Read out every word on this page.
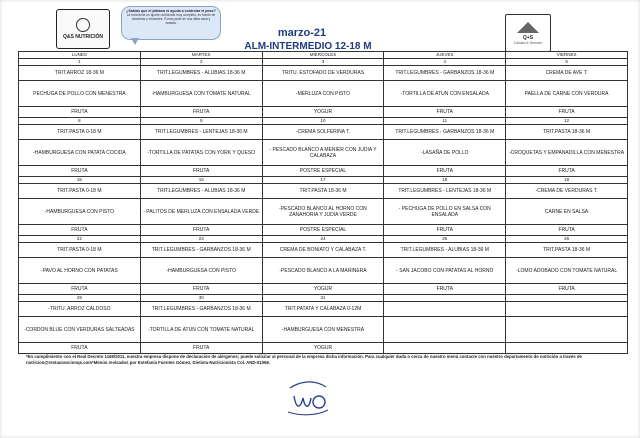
Q&S NUTRICIÓN
¿Sabías que el plátano ni ayuda a controlar el peso?
La fruta tiene un aporte nutricional muy completo, es fuente de vitaminas y minerales. Forma parte de una dieta sana y variada.
marzo-21
ALM-INTERMEDIO 12-18 M
Q+S
Calidad & Servicio
LUNES	MARTES	MIERCOLES	JUEVES	VIERNES
1	2	3	4	5
TRIT.ARROZ 18-36 M	TRIT.LEGUMBRES - ALUBIAS 18-36 M	TRITU. ESTOFADO DE VERDURAS	TRIT.LEGUMBRES - GARBANZOS 18-36 M	CREMA DE AVE T.
PECHUGA DE POLLO CON MENESTRA	-HAMBURGUESA CON TOMATE NATURAL	-MERLUZA CON PISTO	-TORTILLA DE ATUN CON ENSALADA	PAELLA DE CARNE CON VERDURA
FRUTA	FRUTA	YOGUR	FRUTA	FRUTA
8	9	10	11	12
TRIT.PASTA 0-18 M	TRIT.LEGUMBRES - LENTEJAS 18-36 M	-CREMA SOLFERINA T.	TRIT.LEGUMBRES - GARBANZOS 18-36 M	TRIT.PASTA 18-36 M
-HAMBURGUESA CON PATATA COCIDA	-TORTILLA DE PATATAS CON YORK Y QUESO	- PESCADO BLANCO A MENIER CON JUDIA Y CALABAZA	-LASAÑA DE POLLO	-CROQUETAS Y EMPANADILLA CON MENESTRA
FRUTA	FRUTA	POSTRE ESPECIAL	FRUTA	FRUTA
15	16	17	18	19
TRIT.PASTA 0-18 M	TRIT.LEGUMBRES - ALUBIAS 18-36 M	TRIT.PASTA 18-36 M	TRIT.LEGUMBRES - LENTEJAS 18-36 M	-CREMA DE VERDURAS T.
-HAMBURGUESA CON PISTO	- PALITOS DE MERLUZA CON ENSALADA VERDE	-PESCADO BLANCO AL HORNO CON ZANAHORIA Y JUDIA VERDE	- PECHUGA DE POLLO EN SALSA CON ENSALADA	CARNE EN SALSA
FRUTA	FRUTA	POSTRE ESPECIAL	FRUTA	FRUTA
22	23	24	25	26
TRIT.PASTA 0-18 M	TRIT.LEGUMBRES - GARBANZOS 18-36 M	CREMA DE BONIATO Y CALABAZA T.	TRIT.LEGUMBRES - ALUBIAS 18-36 M	TRIT.PASTA 18-36 M
-PAVO AL HORNO CON PATATAS	-HAMBURGUESA CON PISTO	-PESCADO BLANCO A LA MARINERA	- SAN JACOBO CON PATATAS AL HORNO	-LOMO ADOBADO CON TOMATE NATURAL
FRUTA	FRUTA	YOGUR	FRUTA	FRUTA
29	30	31		
-TRITU. ARROZ CALDOSO	TRIT.LEGUMBRES - GARBANZOS 18-36 M	TRIT.PATATA Y CALABAZA 0-12M		
-CORDON BLUE CON VERDURAS SALTEADAS	-TORTILLA DE ATUN CON TOMATE NATURAL	-HAMBURGUESA CON MENESTRA		
FRUTA	FRUTA	YOGUR		
*En cumplimiento con el Real Decreto 1169/2011, nuestra empresa dispone de declaración de alérgenos; puede solicitar al personal de la empresa dicha información. Para cualquier duda o cerca de nuestro menú contacte con nuestro departamento de nutrición a través de nutricion@restaurancionqs.com*Menús revisados por Estefanía Fuentes Gómez, Dietista-Nutricionista Col. AND-01058.
